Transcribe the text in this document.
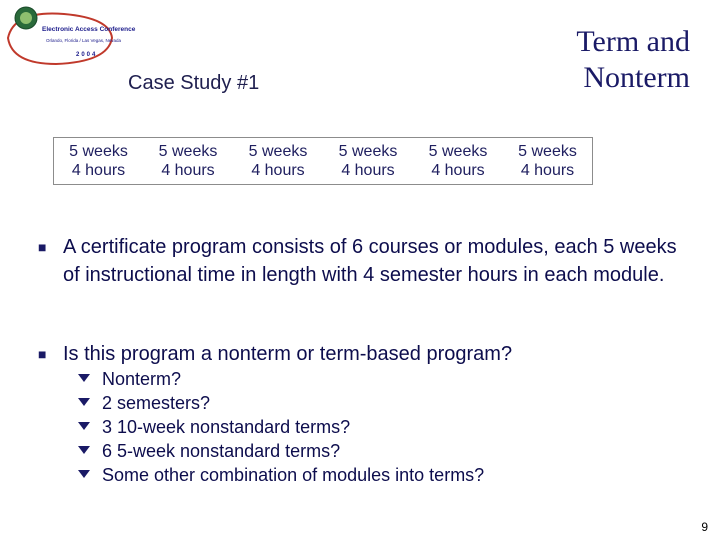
Electronic Access Conference
Orlando, Florida / Las Vegas, Nevada
2004
Case Study #1
Term and Nonterm
5 weeks
4 hours
5 weeks
4 hours
5 weeks
4 hours
5 weeks
4 hours
5 weeks
4 hours
5 weeks
4 hours
■ A certificate program consists of 6 courses or modules, each 5 weeks of instructional time in length with 4 semester hours in each module.
■ Is this program a nonterm or term-based program?
Nonterm?
2 semesters?
3 10-week nonstandard terms?
6 5-week nonstandard terms?
Some other combination of modules into terms?
9
